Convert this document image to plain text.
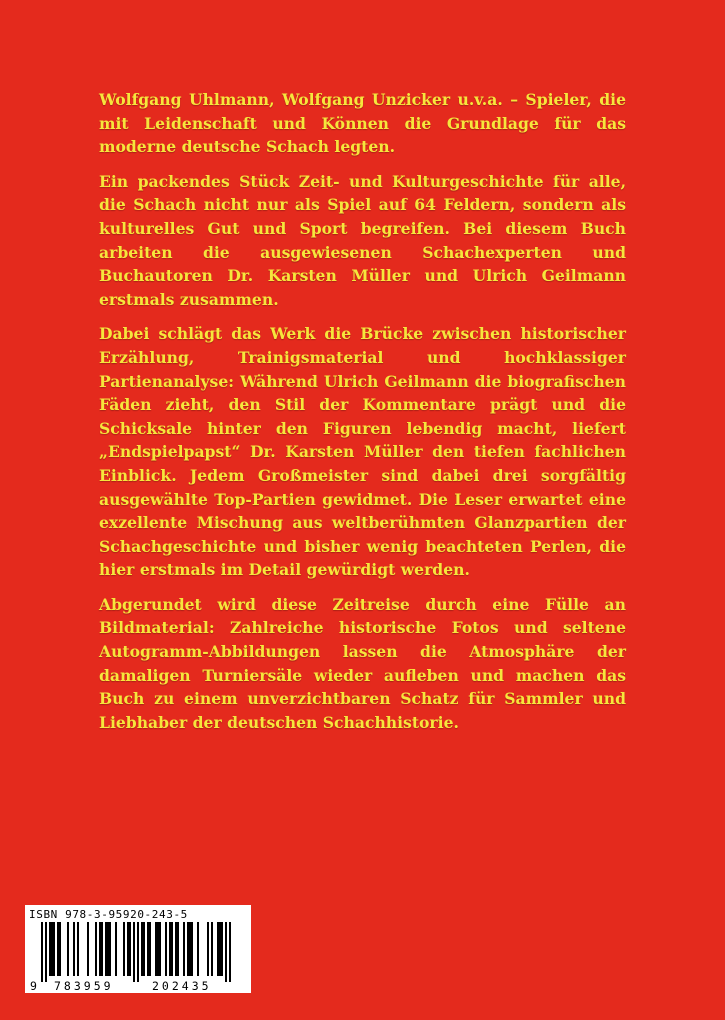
Wolfgang Uhlmann, Wolfgang Unzicker u.v.a. – Spieler, die mit Leidenschaft und Können die Grundlage für das moderne deutsche Schach legten.

Ein packendes Stück Zeit- und Kulturgeschichte für alle, die Schach nicht nur als Spiel auf 64 Feldern, sondern als kulturelles Gut und Sport begreifen. Bei diesem Buch arbeiten die ausgewiesenen Schachexperten und Buchautoren Dr. Karsten Müller und Ulrich Geilmann erstmals zusammen.

Dabei schlägt das Werk die Brücke zwischen historischer Erzählung, Trainigsmaterial und hochklassiger Partienanalyse: Während Ulrich Geilmann die biografischen Fäden zieht, den Stil der Kommentare prägt und die Schicksale hinter den Figuren lebendig macht, liefert „Endspielpapst“ Dr. Karsten Müller den tiefen fachlichen Einblick. Jedem Großmeister sind dabei drei sorgfältig ausgewählte Top-Partien gewidmet. Die Leser erwartet eine exzellente Mischung aus weltberühmten Glanzpartien der Schachgeschichte und bisher wenig beachteten Perlen, die hier erstmals im Detail gewürdigt werden.

Abgerundet wird diese Zeitreise durch eine Fülle an Bildmaterial: Zahlreiche historische Fotos und seltene Autogramm-Abbildungen lassen die Atmosphäre der damaligen Turniersäle wieder aufleben und machen das Buch zu einem unverzichtbaren Schatz für Sammler und Liebhaber der deutschen Schachhistorie.

ISBN 978-3-95920-243-5
9 783959	202435
